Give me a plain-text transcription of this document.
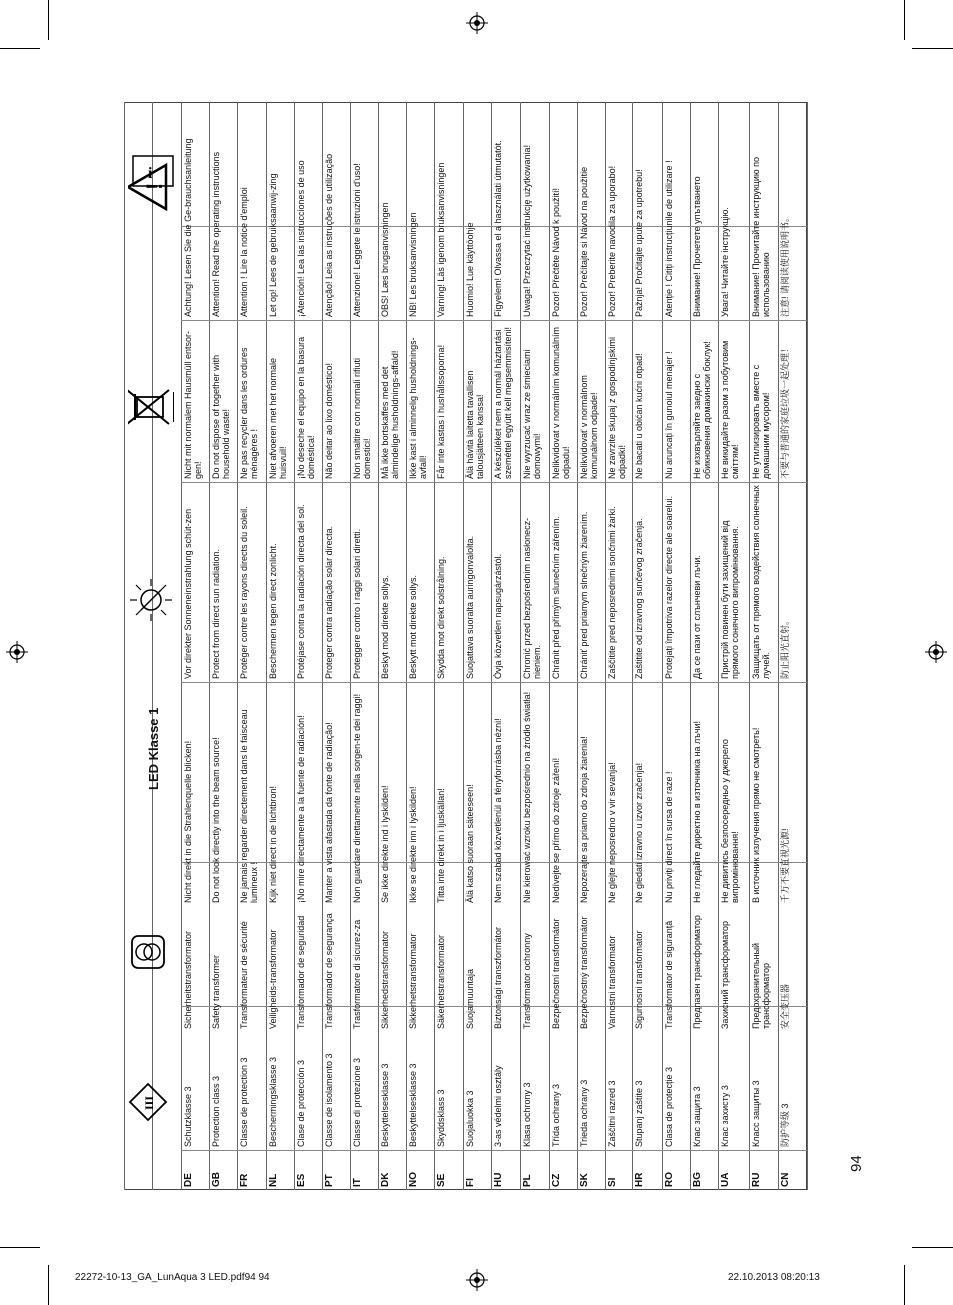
22272-10-13_GA_LunAqua 3 LED.pdf94 94	22.10.2013 08:20:13
94
!
i
III
LED Klasse 1
DE
Schutzklasse 3
Sicherheitstransformator
Nicht direkt in die Strahlenquelle blicken!
Vor direkter Sonneneinstrahlung schüt-zen
Nicht mit normalem Hausmüll entsor-gen!
Achtung! Lesen Sie die Ge-brauchsanleitung
GB
Protection class 3
Safety transformer
Do not look directly into the beam source!
Protect from direct sun radiation.
Do not dispose of together with household waste!
Attention! Read the operating instructions
FR
Classe de protection 3
Transformateur de sécurité
Ne jamais regarder directement dans le faisceau lumineux !
Protéger contre les rayons directs du soleil.
Ne pas recycler dans les ordures ménagères !
Attention ! Lire la notice d'emploi
NL
Beschermingsklasse 3
Veiligheids-transformator
Kijk niet direct in de lichtbron!
Beschermen tegen direct zonlicht.
Niet afvoeren met het normale huisvuil!
Let op! Lees de gebruiksaanwij-zing
ES
Clase de protección 3
Transformador de seguridad
¡No mire directamente a la fuente de radiación!
Protéjase contra la radiación directa del sol.
¡No deseche el equipo en la basura doméstica!
¡Atención! Lea las instrucciones de uso
PT
Classe de isolamento 3
Transformador de segurança
Manter a vista afastada da fonte de radiação!
Proteger contra radiação solar directa.
Não deitar ao lixo doméstico!
Atenção! Leia as instruções de utilização
IT
Classe di protezione 3
Trasformatore di sicurez-za
Non guardare direttamente nella sorgen-te dei raggi!
Proteggere contro i raggi solari diretti.
Non smaltire con normali rifiuti domestici!
Attenzione! Leggete le istruzioni d'uso!
DK
Beskyttelsesklasse 3
Sikkerhedstransformator
Se ikke direkte ind i lyskilden!
Beskyt mod direkte sollys.
Må ikke bortskaffes med det almindelige husholdnings-affald!
OBS! Læs brugsanvisningen
NO
Beskyttelsesklasse 3
Sikkerhetstransformator
Ikke se direkte inn i lyskilden!
Beskytt mot direkte sollys.
Ikke kast i alminnelig husholdnings-avfall!
NB! Les bruksanvisningen
SE
Skyddsklass 3
Säkerhetstransformator
Titta inte direkt in i ljuskällan!
Skydda mot direkt solstrålning.
Får inte kastas i hushållssoporna!
Varning! Läs igenom bruksanvisningen
FI
Suojaluokka 3
Suojamuuntaja
Älä katso suoraan säteeseen!
Suojattava suoralta auringonvalolta.
Älä hävitä laitetta tavallisen talousjätteen kanssa!
Huomio! Lue käyttöohje
HU
3-as védelmi osztály
Biztonsági transzformátor
Nem szabad közvetlenül a fényforrásba nézni!
Óvja közvetlen napsugárzástól.
A készüléket nem a normál háztartási szeméttel együtt kell megsemmisíteni!
Figyelem! Olvassa el a használati útmutatót.
PL
Klasa ochrony 3
Transformator ochronny
Nie kierować wzroku bezpośrednio na źródło światła!
Chronić przed bezpośrednim nasłonecz-nieniem.
Nie wyrzucać wraz ze śmieciami domowymi!
Uwaga! Przeczytać instrukcję użytkowania!
CZ
Třída ochrany 3
Bezpečnostní transformátor
Nedívejte se přímo do zdroje záření!
Chránit před přímým slunečním zářením.
Nelikvidovat v normálním komunálním odpadu!
Pozor! Přečtěte Návod k použití!
SK
Trieda ochrany 3
Bezpečnostný transformátor
Nepozerajte sa priamo do zdroja žiarenia!
Chrániť pred priamym slnečným žiarením.
Nelikvidovať v normálnom komunálnom odpade!
Pozor! Prečítajte si Návod na použitie
SI
Zaščitni razred 3
Varnostni transformator
Ne glejte neposredno v vir sevanja!
Zaščitite pred neposrednimi sončnimi žarki.
Ne zavrzite skupaj z gospodinjskimi odpadki!
Pozor! Preberite navodila za uporabo!
HR
Stupanj zaštite 3
Sigurnosni transformator
Ne gledati izravno u izvor zračenja!
Zaštitite od izravnog sunčevog zračenja.
Ne bacati u obićan kućni otpad!
Pažnja! Pročitajte upute za upotrebu!
RO
Clasa de protecție 3
Transformator de siguranță
Nu priviți direct în sursa de raze !
Protejați împotriva razelor directe ale soarelui.
Nu aruncați în gunoiul menajer !
Atenție ! Citiți instrucțiunile de utilizare !
BG
Клас защита 3
Предпазен трансформатор
Не гледайте директно в източника на лъчи!
Да се пази от слънчеви лъчи.
Не изхвърляйте заедно с обикновения домакински боклук!
Внимание! Прочетете упътването
UA
Клас захисту 3
Захисний трансформатор
Не дивитись безпосередньо у джерело випромінювання!
Пристрій повинен бути захищений від прямого сонячного випромінювання.
Не викидайте разом з побутовим сміттям!
Увага! Читайте інструкцію.
RU
Класс защиты 3
Предохранительный трансформатор
В источник излучения прямо не смотреть!
Защищать от прямого воздействия солнечных лучей.
Не утилизировать вместе с домашним мусором!
Внимание! Прочитайте инструкцию по использованию
CN
防护等级 3
安全变压器
千万不要直视光源!
防止阳光直射。
不要与普通的家庭垃圾一起处理！
注意! 请阅读使用说明书。
